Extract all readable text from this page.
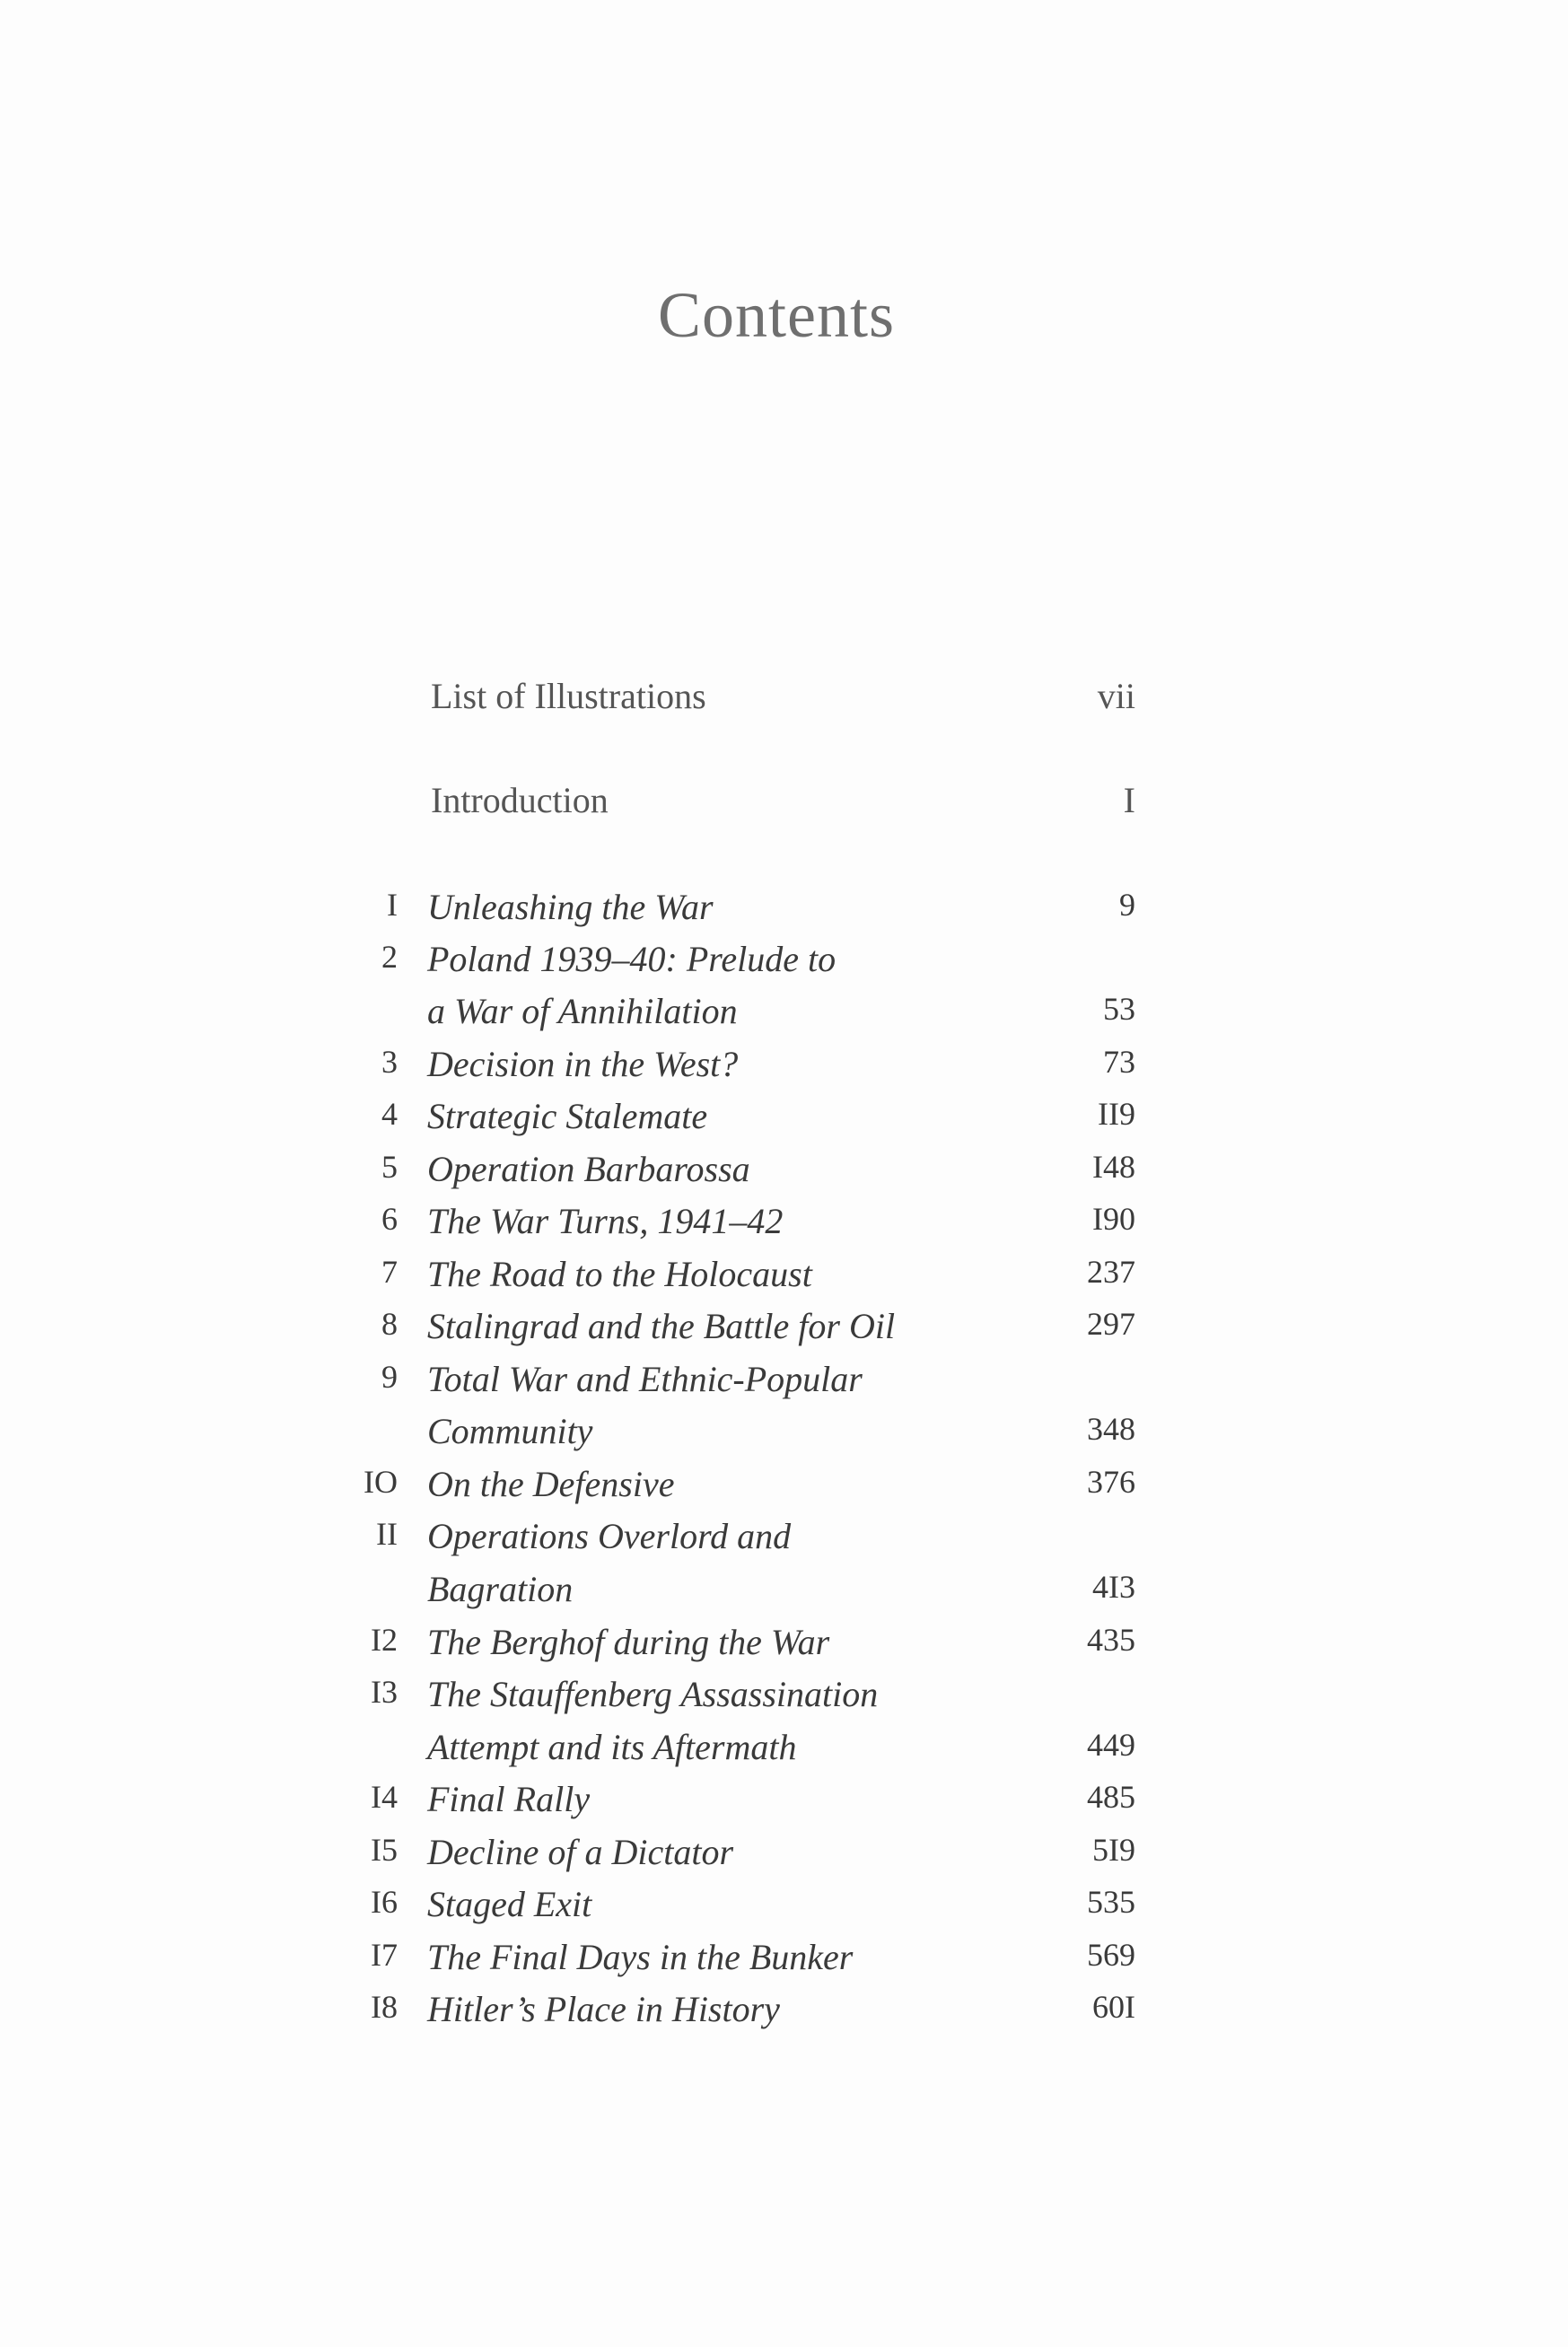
Contents
List of Illustrations	vii
Introduction	I
I Unleashing the War	9
2 Poland 1939–40: Prelude to
a War of Annihilation	53
3 Decision in the West?	73
4 Strategic Stalemate	II9
5 Operation Barbarossa	I48
6 The War Turns, 1941–42	I90
7 The Road to the Holocaust	237
8 Stalingrad and the Battle for Oil	297
9 Total War and Ethnic-Popular
Community	348
IO On the Defensive	376
II Operations Overlord and
Bagration	4I3
I2 The Berghof during the War	435
I3 The Stauffenberg Assassination
Attempt and its Aftermath	449
I4 Final Rally	485
I5 Decline of a Dictator	5I9
I6 Staged Exit	535
I7 The Final Days in the Bunker	569
I8 Hitler’s Place in History	60I
